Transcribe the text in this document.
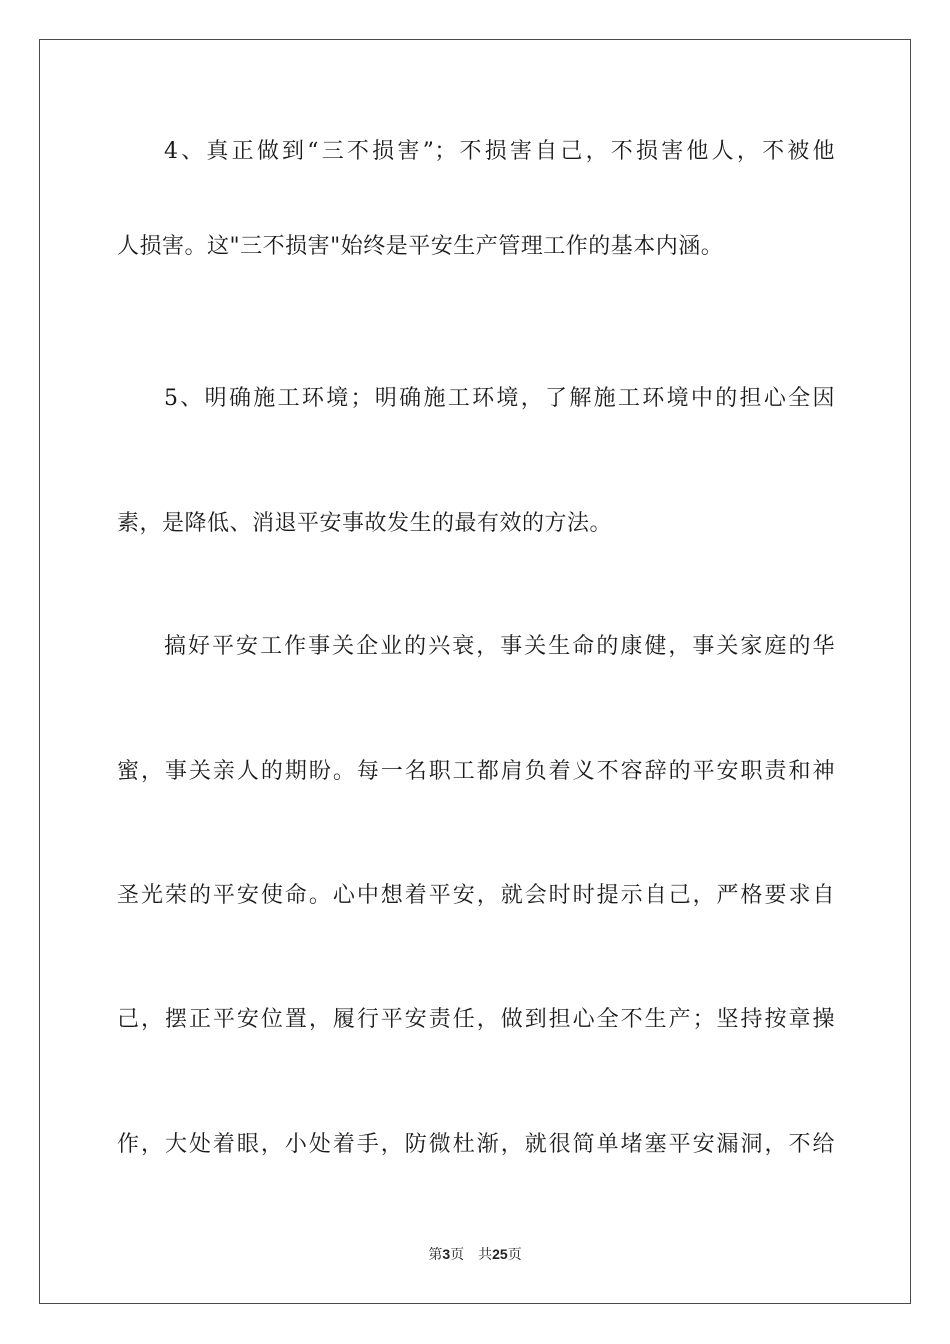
4、真正做到“三不损害”；不损害自己，不损害他人，不被他
人损害。这"三不损害"始终是平安生产管理工作的基本内涵。
5、明确施工环境；明确施工环境，了解施工环境中的担心全因
素，是降低、消退平安事故发生的最有效的方法。
搞好平安工作事关企业的兴衰，事关生命的康健，事关家庭的华
蜜，事关亲人的期盼。每一名职工都肩负着义不容辞的平安职责和神
圣光荣的平安使命。心中想着平安，就会时时提示自己，严格要求自
己，摆正平安位置，履行平安责任，做到担心全不生产；坚持按章操
作，大处着眼，小处着手，防微杜渐，就很简单堵塞平安漏洞，不给
第3页 共25页
